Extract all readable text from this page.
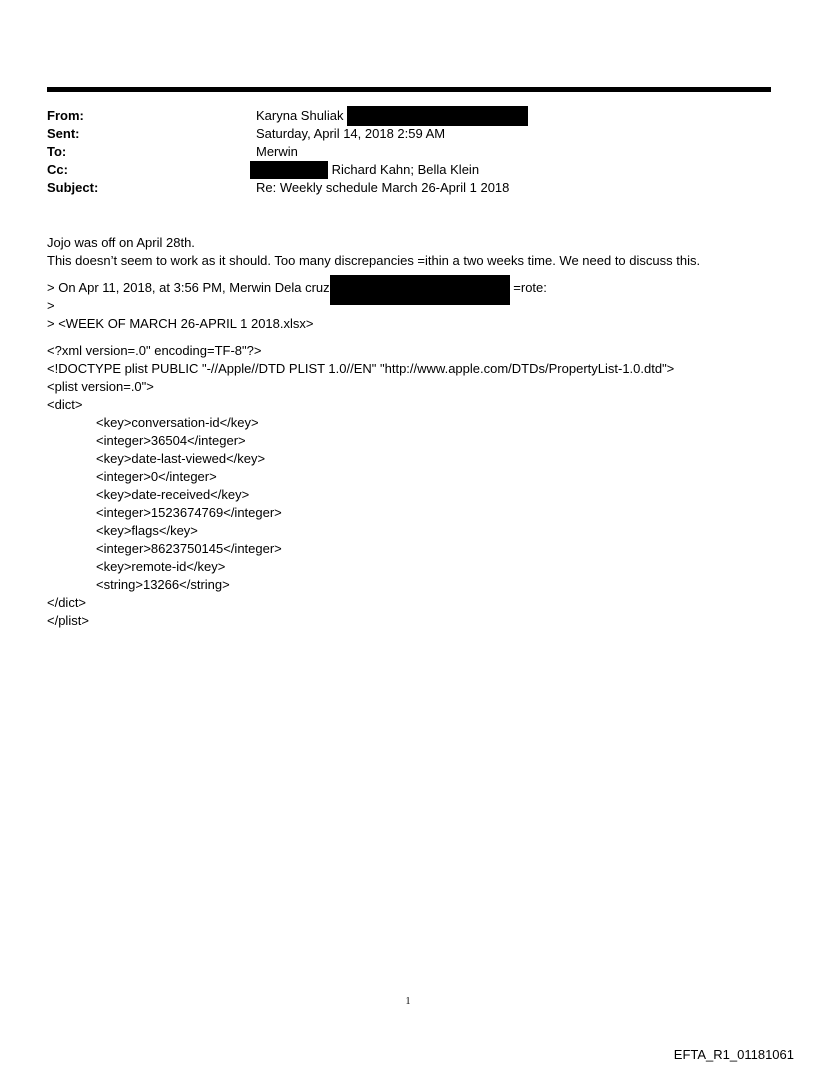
From:	Karyna Shuliak
Sent:	Saturday, April 14, 2018 2:59 AM
To:	Merwin
Cc:	Richard Kahn; Bella Klein
Subject:	Re: Weekly schedule March 26-April 1 2018
Jojo was off on April 28th.
This doesn’t seem to work as it should. Too many discrepancies =ithin a two weeks time. We need to discuss this.
> On Apr 11, 2018, at 3:56 PM, Merwin Dela cruz	=rote:
>
> <WEEK OF MARCH 26-APRIL 1 2018.xlsx>
<?xml version=.0" encoding=TF-8"?>
<!DOCTYPE plist PUBLIC "-//Apple//DTD PLIST 1.0//EN" "http://www.apple.com/DTDs/PropertyList-1.0.dtd">
<plist version=.0">
<dict>
<key>conversation-id</key>
<integer>36504</integer>
<key>date-last-viewed</key>
<integer>0</integer>
<key>date-received</key>
<integer>1523674769</integer>
<key>flags</key>
<integer>8623750145</integer>
<key>remote-id</key>
<string>13266</string>
</dict>
</plist>
1
EFTA_R1_01181061
